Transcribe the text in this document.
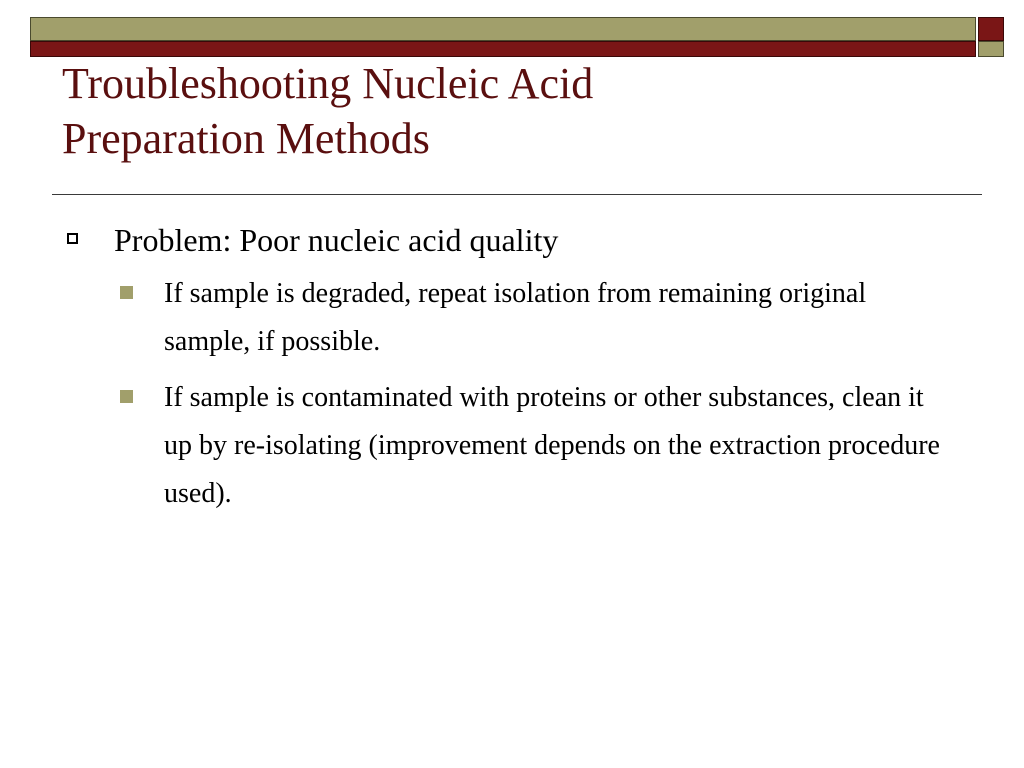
Troubleshooting Nucleic Acid
Preparation Methods
Problem: Poor nucleic acid quality
If sample is degraded, repeat isolation from remaining original sample, if possible.
If sample is contaminated with proteins or other substances, clean it up by re-isolating (improvement depends on the extraction procedure used).
